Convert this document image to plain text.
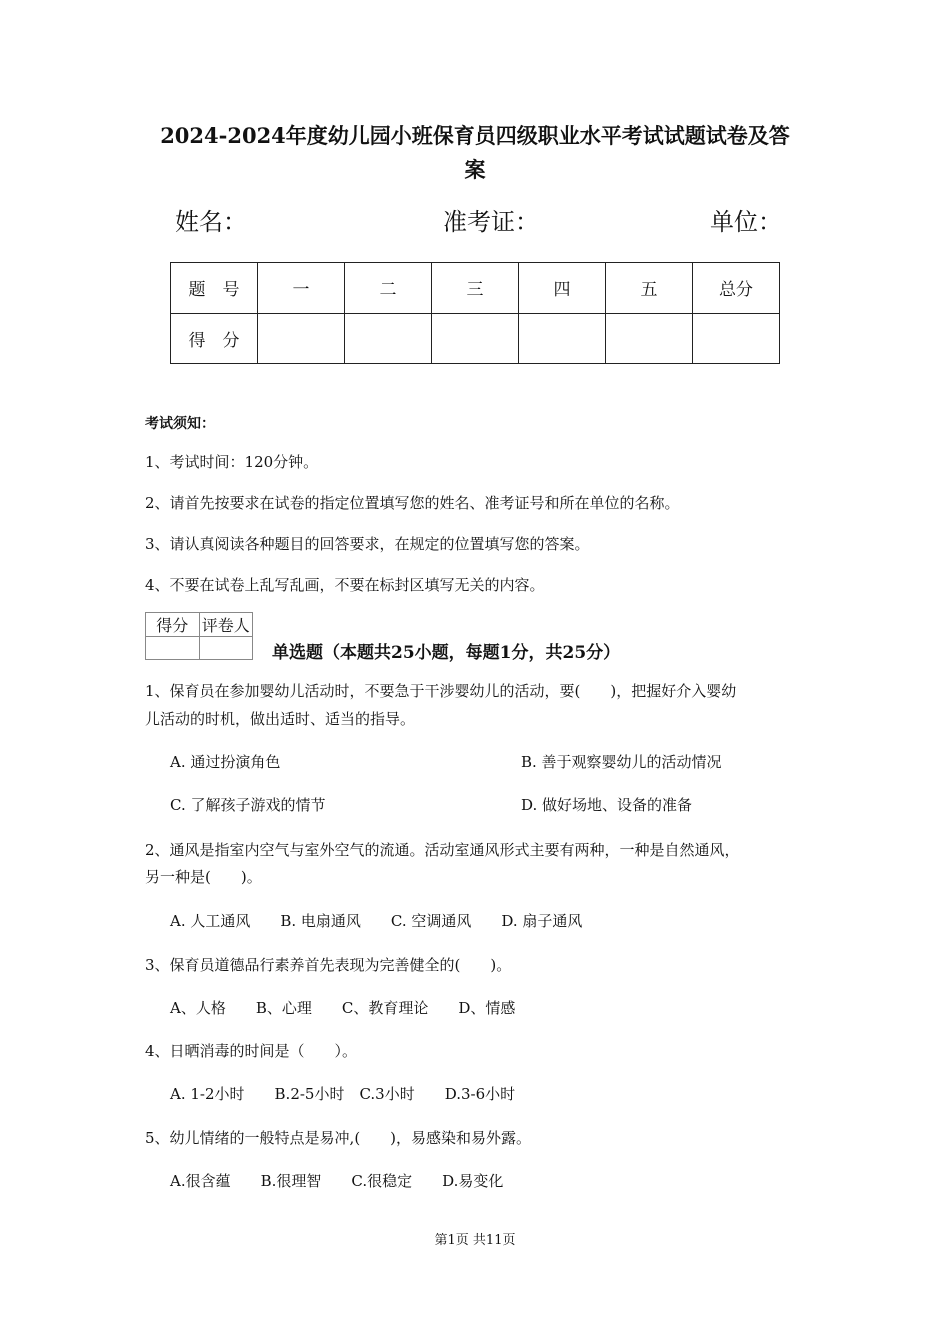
2024-2024年度幼儿园小班保育员四级职业水平考试试题试卷及答
案
姓名：	准考证：	单位：
题　号	一	二	三	四	五	总分
得　分						
考试须知：
1、考试时间：120分钟。
2、请首先按要求在试卷的指定位置填写您的姓名、准考证号和所在单位的名称。
3、请认真阅读各种题目的回答要求，在规定的位置填写您的答案。
4、不要在试卷上乱写乱画，不要在标封区填写无关的内容。
得分	评卷人

单选题（本题共25小题，每题1分，共25分）
1、保育员在参加婴幼儿活动时，不要急于干涉婴幼儿的活动，要(　　)，把握好介入婴幼
儿活动的时机，做出适时、适当的指导。
A. 通过扮演角色	B. 善于观察婴幼儿的活动情况
C. 了解孩子游戏的情节	D. 做好场地、设备的准备
2、通风是指室内空气与室外空气的流通。活动室通风形式主要有两种，一种是自然通风，
另一种是(　　)。
A. 人工通风　　B. 电扇通风　　C. 空调通风　　D. 扇子通风
3、保育员道德品行素养首先表现为完善健全的(　　)。
A、人格　　B、心理　　C、教育理论　　D、情感
4、日晒消毒的时间是（　　）。
A. 1-2小时　　B.2-5小时　C.3小时　　D.3-6小时
5、幼儿情绪的一般特点是易冲,(　　)，易感染和易外露。
A.很含蕴　　B.很理智　　C.很稳定　　D.易变化
第1页 共11页
